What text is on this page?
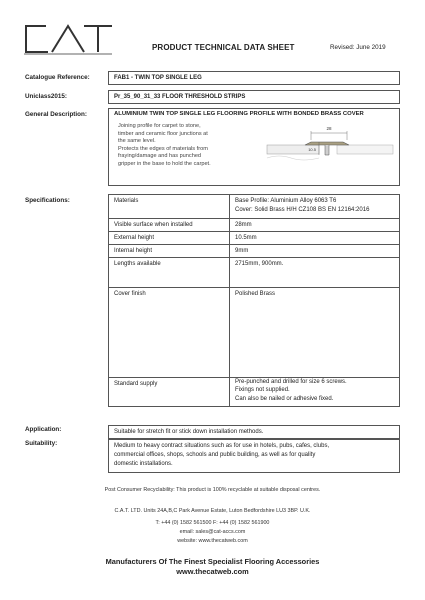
PRODUCT TECHNICAL DATA SHEET	Revised: June 2019
Catalogue Reference:	FAB1 - TWIN TOP SINGLE LEG
Uniclass2015:	Pr_35_90_31_33 FLOOR THRESHOLD STRIPS
General Description:	ALUMINIUM TWIN TOP SINGLE LEG FLOORING PROFILE WITH BONDED BRASS COVER
Joining profile for carpet to stone,
timber and ceramic floor junctions at
the same level.
Protects the edges of materials from
fraying/damage and has punched
gripper in the base to hold the carpet.
28
10.5
Specifications:	Materials	Base Profile: Aluminium Alloy 6063 T6
Cover: Solid Brass H/H CZ108 BS EN 12164:2016

Visible surface when installed	28mm
External height	10.5mm
Internal height	9mm
Lengths available	2715mm, 900mm.
Cover finish	Polished Brass
Standard supply	Pre-punched and drilled for size 6 screws.
Fixings not supplied.
Can also be nailed or adhesive fixed.
Application:	Suitable for stretch fit or stick down installation methods.
Suitability:	Medium to heavy contract situations such as for use in hotels, pubs, cafes, clubs,
commercial offices, shops, schools and public building, as well as for quality
domestic installations.
Post Consumer Recyclability: This product is 100% recyclable at suitable disposal centres.
C.A.T. LTD. Units 24A,B,C Park Avenue Estate, Luton Bedfordshire LU3 3BP. U.K.
T: +44 (0) 1582 561500 F: +44 (0) 1582 561900
email: sales@cat-accs.com
website: www.thecatweb.com
Manufacturers Of The Finest Specialist Flooring Accessories
www.thecatweb.com
